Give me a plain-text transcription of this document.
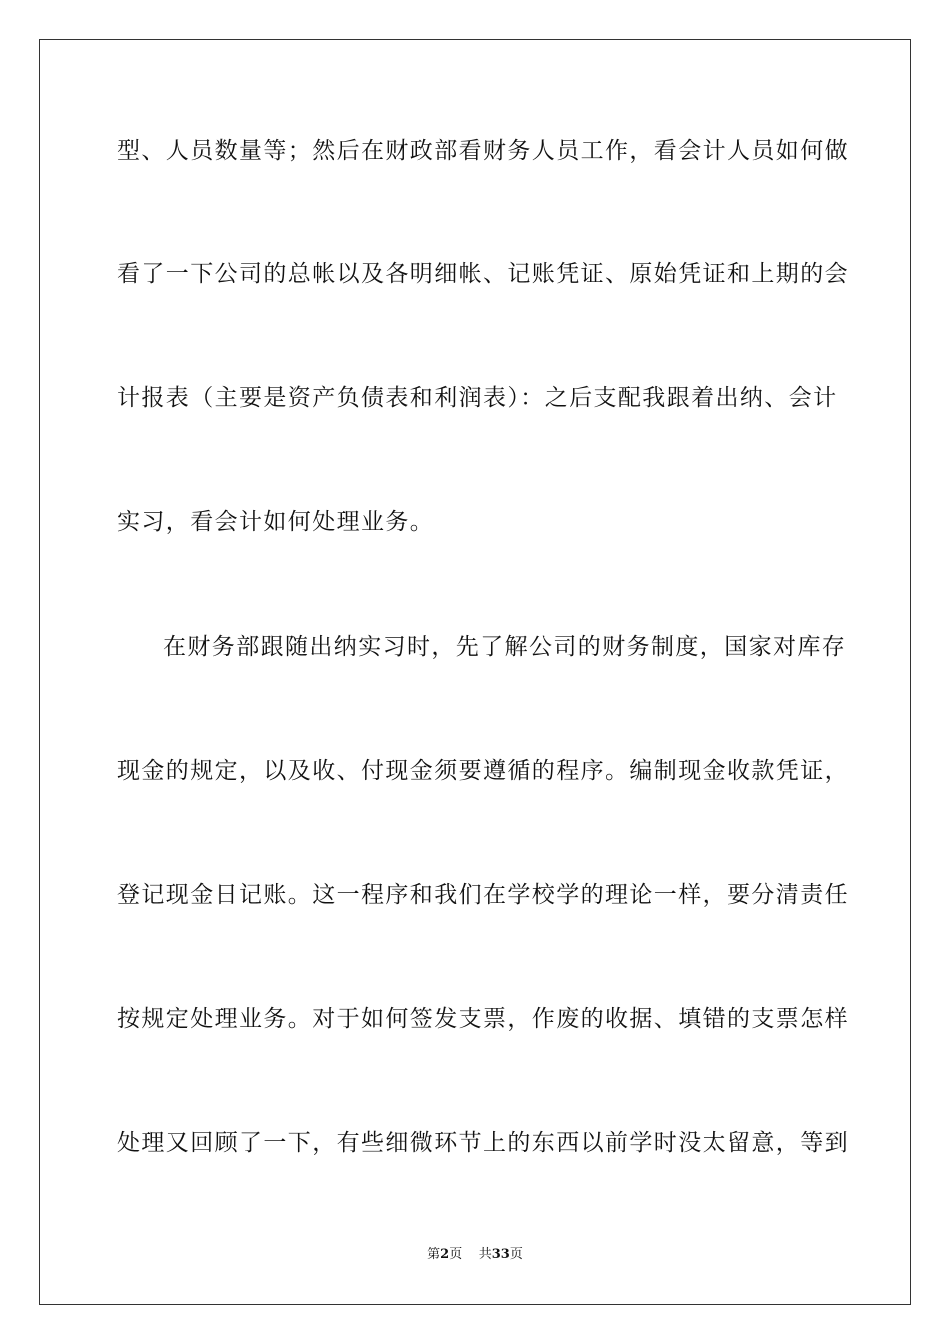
型、人员数量等；然后在财政部看财务人员工作，看会计人员如何做
看了一下公司的总帐以及各明细帐、记账凭证、原始凭证和上期的会
计报表（主要是资产负债表和利润表）：之后支配我跟着出纳、会计
实习，看会计如何处理业务。
在财务部跟随出纳实习时，先了解公司的财务制度，国家对库存
现金的规定，以及收、付现金须要遵循的程序。编制现金收款凭证，
登记现金日记账。这一程序和我们在学校学的理论一样，要分清责任
按规定处理业务。对于如何签发支票，作废的收据、填错的支票怎样
处理又回顾了一下，有些细微环节上的东西以前学时没太留意，等到
第2页 共33页
